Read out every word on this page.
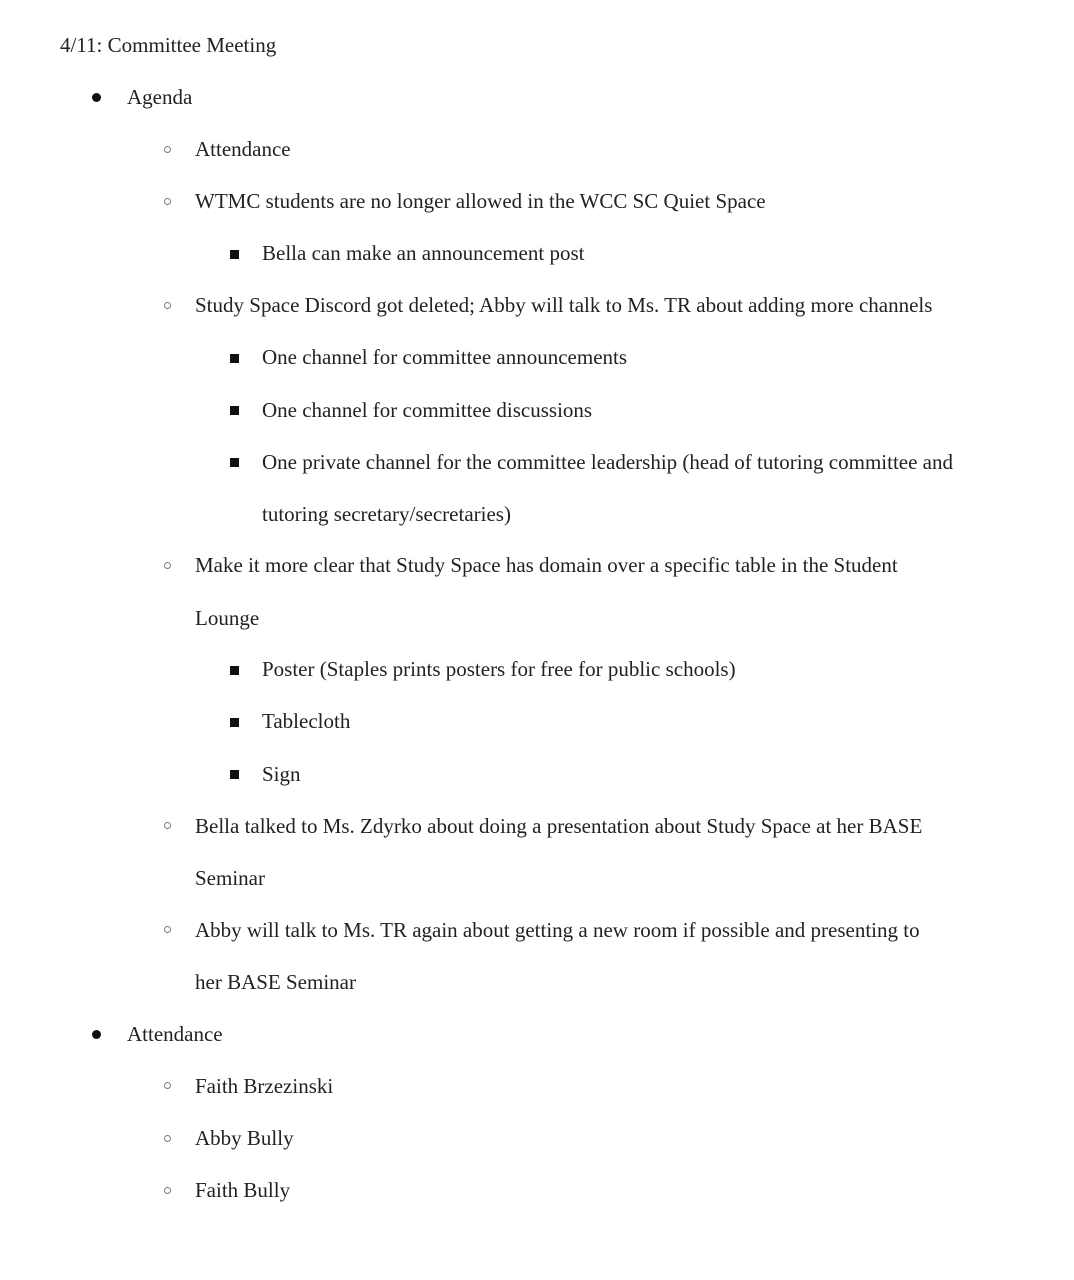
4/11: Committee Meeting
Agenda
Attendance
WTMC students are no longer allowed in the WCC SC Quiet Space
Bella can make an announcement post
Study Space Discord got deleted; Abby will talk to Ms. TR about adding more channels
One channel for committee announcements
One channel for committee discussions
One private channel for the committee leadership (head of tutoring committee and
tutoring secretary/secretaries)
Make it more clear that Study Space has domain over a specific table in the Student
Lounge
Poster (Staples prints posters for free for public schools)
Tablecloth
Sign
Bella talked to Ms. Zdyrko about doing a presentation about Study Space at her BASE
Seminar
Abby will talk to Ms. TR again about getting a new room if possible and presenting to
her BASE Seminar
Attendance
Faith Brzezinski
Abby Bully
Faith Bully
